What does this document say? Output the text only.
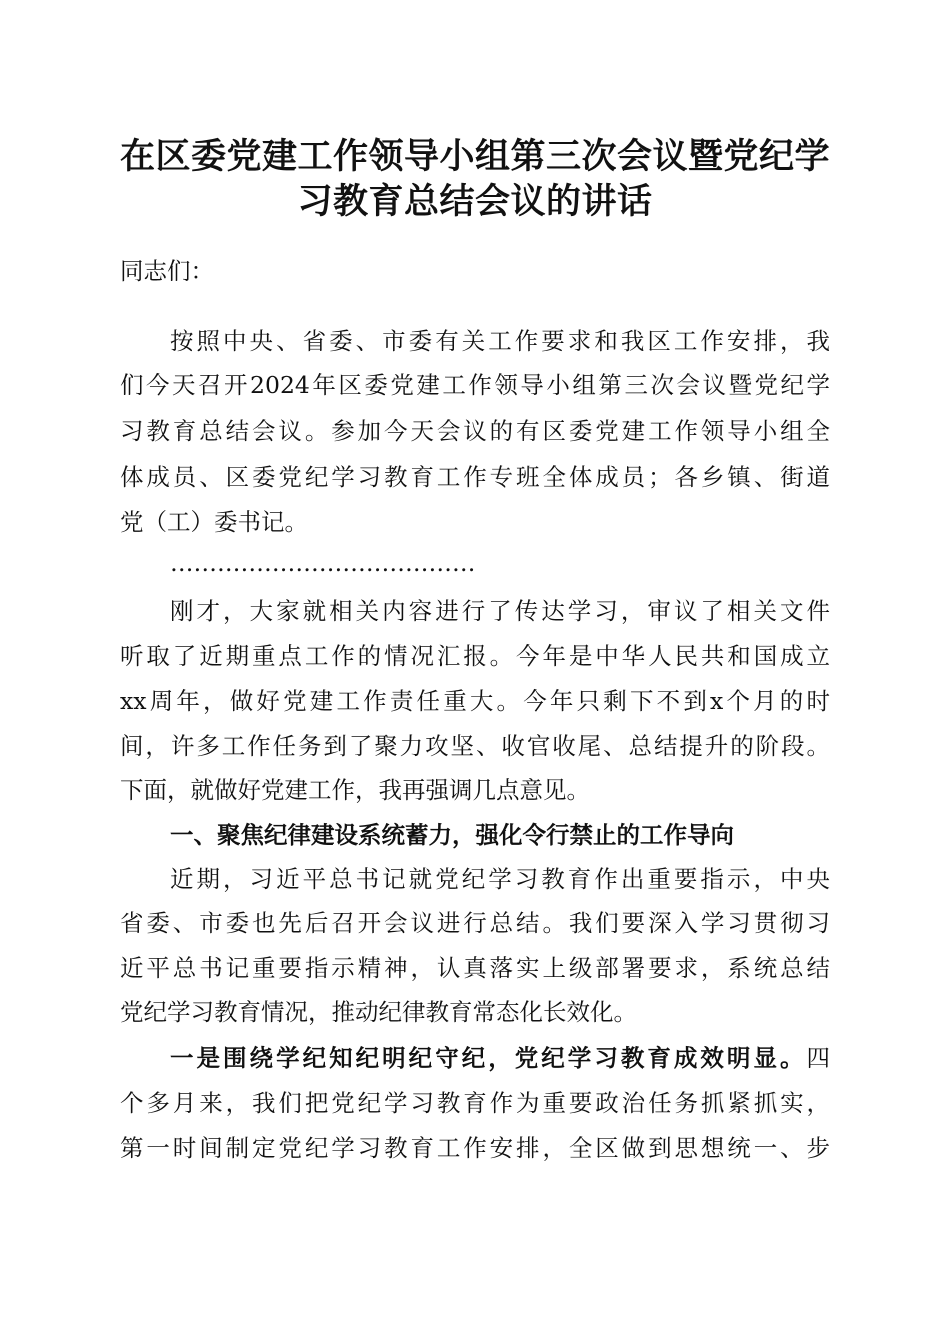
在区委党建工作领导小组第三次会议暨党纪学
习教育总结会议的讲话
同志们：
按照中央、省委、市委有关工作要求和我区工作安排，我
们今天召开2024年区委党建工作领导小组第三次会议暨党纪学
习教育总结会议。参加今天会议的有区委党建工作领导小组全
体成员、区委党纪学习教育工作专班全体成员；各乡镇、街道
党（工）委书记。
…………………………………
刚才，大家就相关内容进行了传达学习，审议了相关文件
听取了近期重点工作的情况汇报。今年是中华人民共和国成立
xx周年，做好党建工作责任重大。今年只剩下不到x个月的时
间，许多工作任务到了聚力攻坚、收官收尾、总结提升的阶段。
下面，就做好党建工作，我再强调几点意见。
一、聚焦纪律建设系统蓄力，强化令行禁止的工作导向
近期，习近平总书记就党纪学习教育作出重要指示，中央
省委、市委也先后召开会议进行总结。我们要深入学习贯彻习
近平总书记重要指示精神，认真落实上级部署要求，系统总结
党纪学习教育情况，推动纪律教育常态化长效化。
一是围绕学纪知纪明纪守纪，党纪学习教育成效明显。四
个多月来，我们把党纪学习教育作为重要政治任务抓紧抓实，
第一时间制定党纪学习教育工作安排，全区做到思想统一、步
